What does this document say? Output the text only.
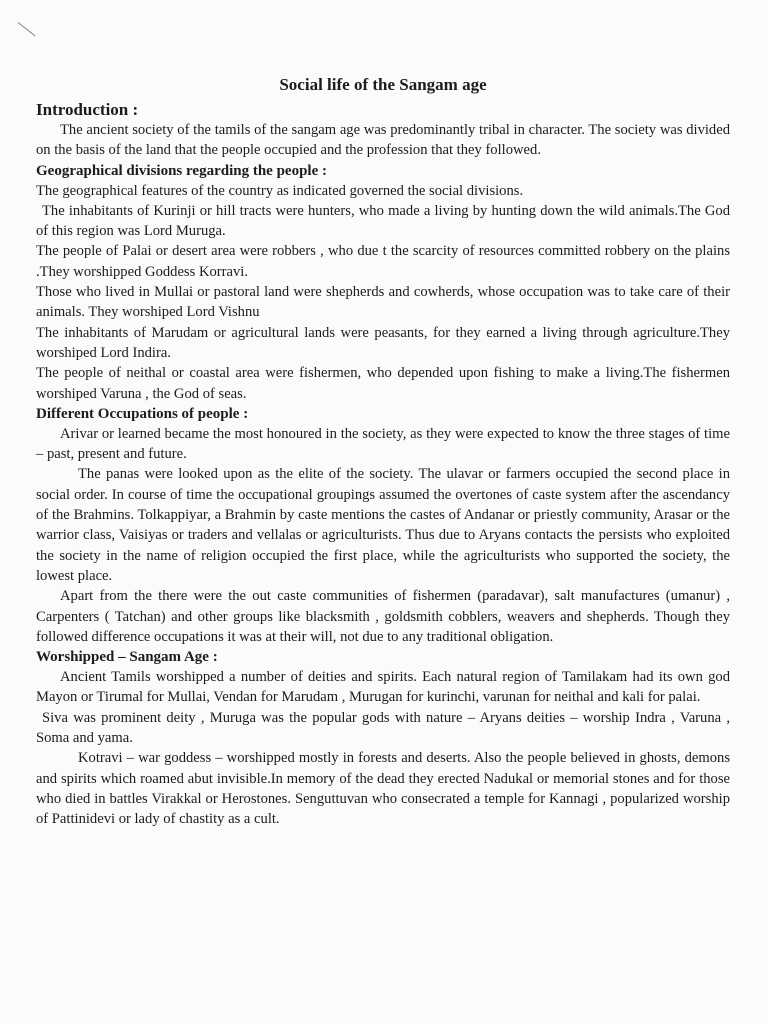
Social life of the Sangam age
Introduction :

The ancient society of the tamils of the sangam age was predominantly tribal in character. The society was divided on the basis of the land that the people occupied and the profession that they followed.

Geographical divisions regarding the people :

The geographical features of the country as indicated governed the social divisions.

The inhabitants of Kurinji or hill tracts were hunters, who made a living by hunting down the wild animals.The God of this region was Lord Muruga.

The people of Palai or desert area were robbers , who due t the scarcity of resources committed robbery on the plains .They worshipped Goddess Korravi.

Those who lived in Mullai or pastoral land were shepherds and cowherds, whose occupation was to take care of their animals. They worshiped Lord Vishnu

The inhabitants of Marudam or agricultural lands were peasants, for they earned a living through agriculture.They worshiped Lord Indira.

The people of neithal or coastal area were fishermen, who depended upon fishing to make a living.The fishermen worshiped Varuna , the God of seas.

Different Occupations of people :

Arivar or learned became the most honoured in the society, as they were expected to know the three stages of time – past, present and future.

The panas were looked upon as the elite of the society. The ulavar or farmers occupied the second place in social order. In course of time the occupational groupings assumed the overtones of caste system after the ascendancy of the Brahmins. Tolkappiyar, a Brahmin by caste mentions the castes of Andanar or priestly community, Arasar or the warrior class, Vaisiyas or traders and vellalas or agriculturists. Thus due to Aryans contacts the persists who exploited the society in the name of religion occupied the first place, while the agriculturists who supported the society, the lowest place.

Apart from the there were the out caste communities of fishermen (paradavar), salt manufactures (umanur) , Carpenters ( Tatchan) and other groups like blacksmith , goldsmith cobblers, weavers and shepherds. Though they followed difference occupations it was at their will, not due to any traditional obligation.

Worshipped – Sangam Age :

Ancient Tamils worshipped a number of deities and spirits. Each natural region of Tamilakam had its own god Mayon or Tirumal for Mullai, Vendan for Marudam , Murugan for kurinchi, varunan for neithal and kali for palai.

Siva was prominent deity , Muruga was the popular gods with nature – Aryans deities – worship Indra , Varuna , Soma and yama.

Kotravi – war goddess – worshipped mostly in forests and deserts. Also the people believed in ghosts, demons and spirits which roamed abut invisible.In memory of the dead they erected Nadukal or memorial stones and for those who died in battles Virakkal or Herostones. Senguttuvan who consecrated a temple for Kannagi , popularized worship of Pattinidevi or lady of chastity as a cult.
